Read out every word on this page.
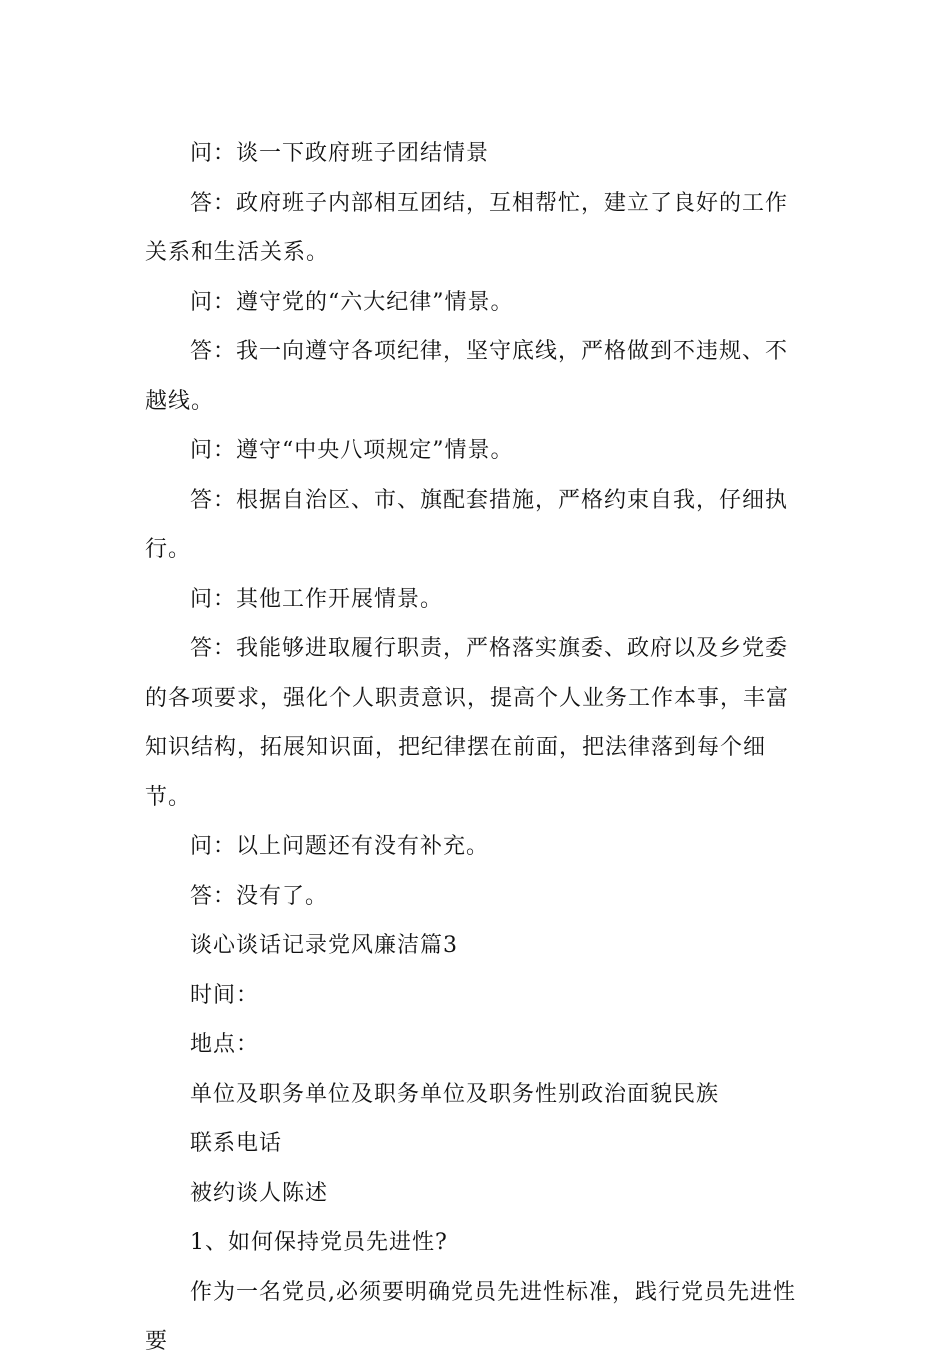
问：谈一下政府班子团结情景

答：政府班子内部相互团结，互相帮忙，建立了良好的工作关系和生活关系。

问：遵守党的“六大纪律”情景。

答：我一向遵守各项纪律，坚守底线，严格做到不违规、不越线。

问：遵守“中央八项规定”情景。

答：根据自治区、市、旗配套措施，严格约束自我，仔细执行。

问：其他工作开展情景。

答：我能够进取履行职责，严格落实旗委、政府以及乡党委的各项要求，强化个人职责意识，提高个人业务工作本事，丰富知识结构，拓展知识面，把纪律摆在前面，把法律落到每个细节。

问：以上问题还有没有补充。

答：没有了。

谈心谈话记录党风廉洁篇3

时间：

地点：

单位及职务单位及职务单位及职务性别政治面貌民族

联系电话

被约谈人陈述

1、如何保持党员先进性?

作为一名党员,必须要明确党员先进性标准，践行党员先进性要
